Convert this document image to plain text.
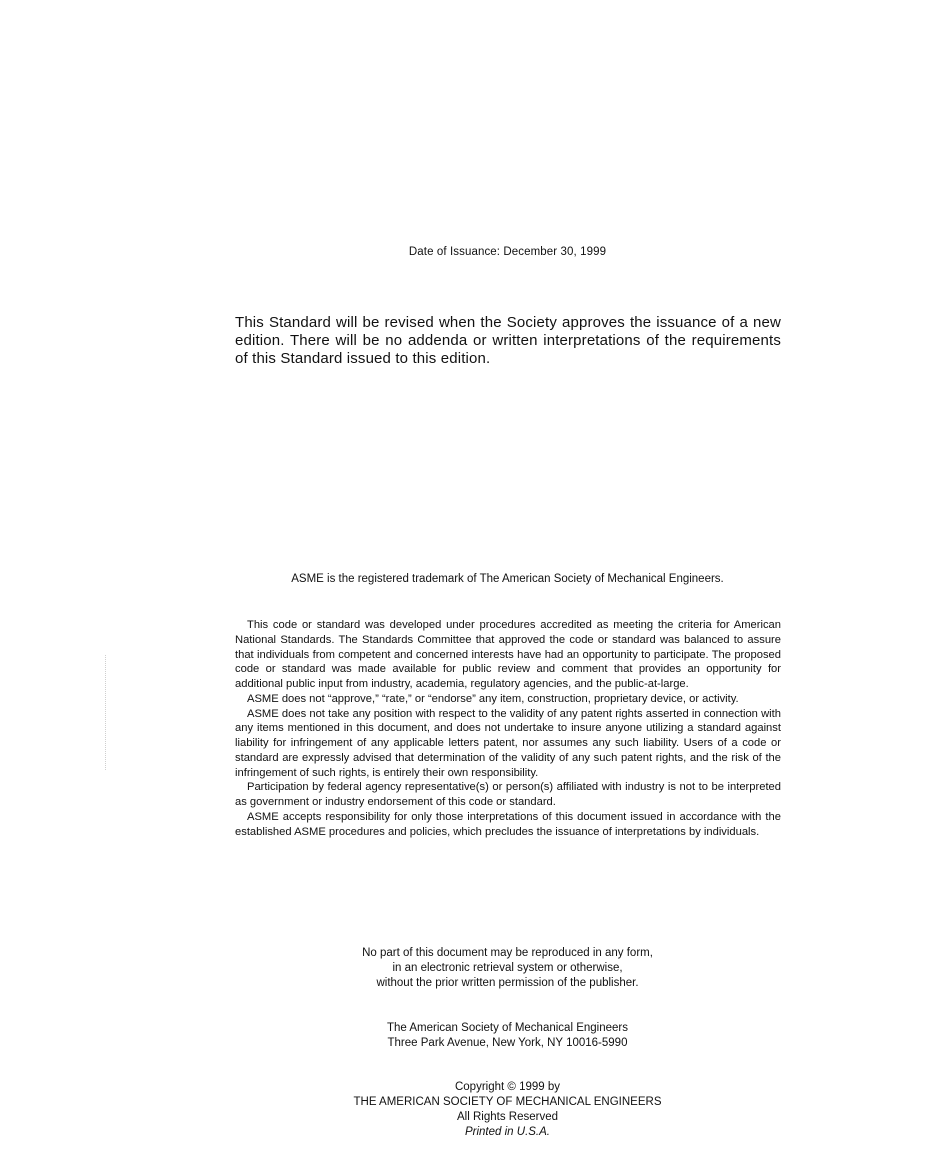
Date of Issuance: December 30, 1999
This Standard will be revised when the Society approves the issuance of a new edition. There will be no addenda or written interpretations of the requirements of this Standard issued to this edition.
ASME is the registered trademark of The American Society of Mechanical Engineers.

This code or standard was developed under procedures accredited as meeting the criteria for American National Standards. The Standards Committee that approved the code or standard was balanced to assure that individuals from competent and concerned interests have had an opportunity to participate. The proposed code or standard was made available for public review and comment that provides an opportunity for additional public input from industry, academia, regulatory agencies, and the public-at-large.

ASME does not “approve,” “rate,” or “endorse” any item, construction, proprietary device, or activity.

ASME does not take any position with respect to the validity of any patent rights asserted in connection with any items mentioned in this document, and does not undertake to insure anyone utilizing a standard against liability for infringement of any applicable letters patent, nor assumes any such liability. Users of a code or standard are expressly advised that determination of the validity of any such patent rights, and the risk of the infringement of such rights, is entirely their own responsibility.

Participation by federal agency representative(s) or person(s) affiliated with industry is not to be interpreted as government or industry endorsement of this code or standard.

ASME accepts responsibility for only those interpretations of this document issued in accordance with the established ASME procedures and policies, which precludes the issuance of interpretations by individuals.

No part of this document may be reproduced in any form,
in an electronic retrieval system or otherwise,
without the prior written permission of the publisher.
The American Society of Mechanical Engineers
Three Park Avenue, New York, NY 10016-5990
Copyright © 1999 by
THE AMERICAN SOCIETY OF MECHANICAL ENGINEERS
All Rights Reserved
Printed in U.S.A.
